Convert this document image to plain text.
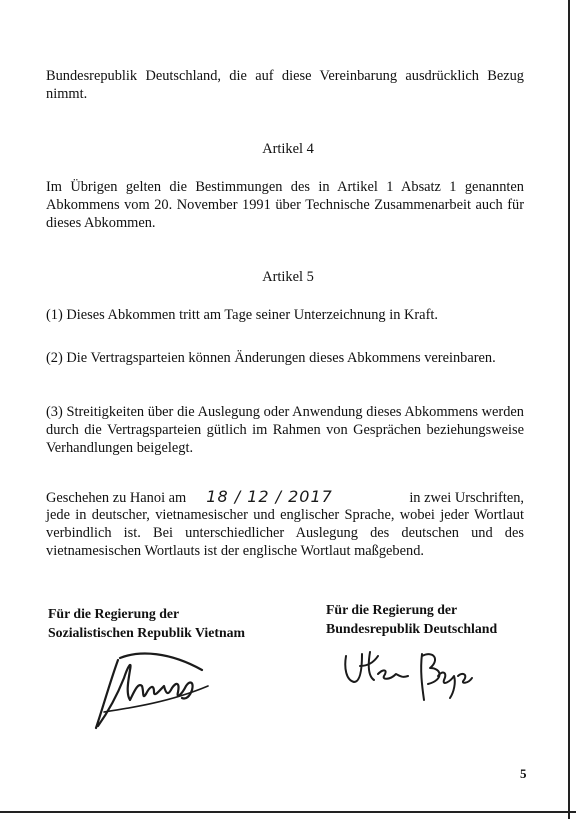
Bundesrepublik Deutschland, die auf diese Vereinbarung ausdrücklich Bezug nimmt.

Artikel 4

Im Übrigen gelten die Bestimmungen des in Artikel 1 Absatz 1 genannten Abkommens vom 20. November 1991 über Technische Zusammenarbeit auch für dieses Abkommen.

Artikel 5

(1) Dieses Abkommen tritt am Tage seiner Unterzeichnung in Kraft.

(2) Die Vertragsparteien können Änderungen dieses Abkommens vereinbaren.

(3) Streitigkeiten über die Auslegung oder Anwendung dieses Abkommens werden durch die Vertragsparteien gütlich im Rahmen von Gesprächen beziehungsweise Verhandlungen beigelegt.

Geschehen zu Hanoi am 18 / 12 / 2017	in zwei Urschriften,

jede in deutscher, vietnamesischer und englischer Sprache, wobei jeder Wortlaut verbindlich ist. Bei unterschiedlicher Auslegung des deutschen und des vietnamesischen Wortlauts ist der englische Wortlaut maßgebend.

Für die Regierung der
Sozialistischen Republik Vietnam

Für die Regierung der
Bundesrepublik Deutschland

5
